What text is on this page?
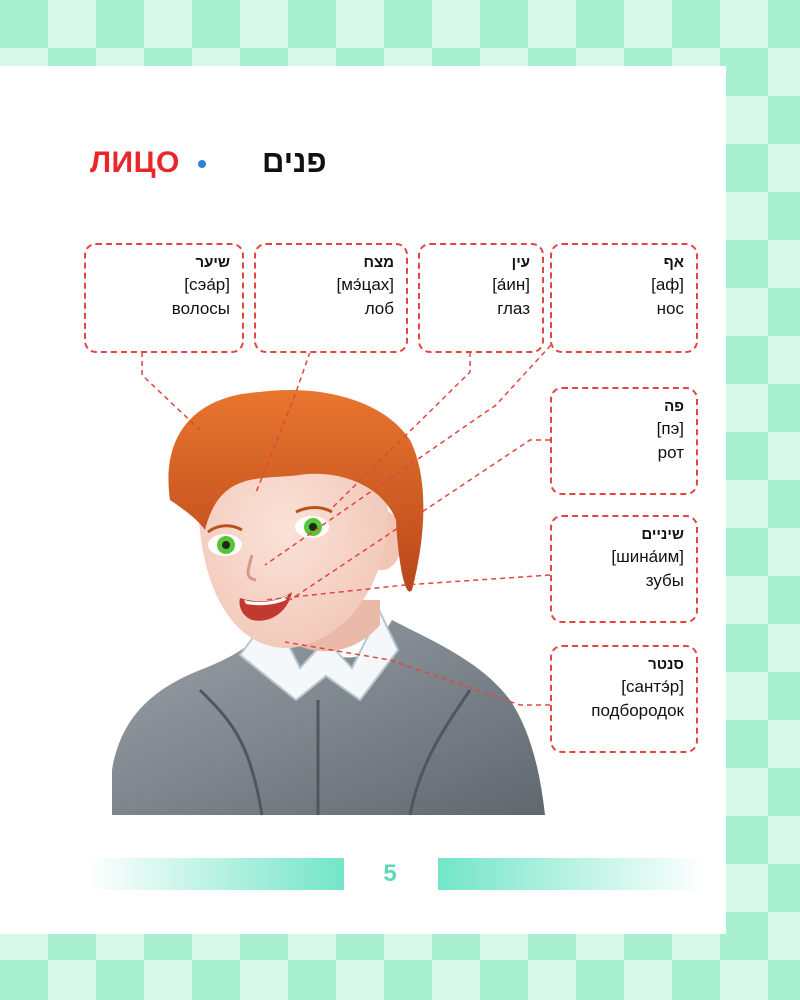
ЛИЦО	פנים
שיער
[сэа́р]
волосы
מצח
[мэ́цах]
лоб
עין
[а́ин]
глаз
אף
[аф]
нос
פה
[пэ]
рот
שיניים
[шина́им]
зубы
סנטר
[сантэ́р]
подбородок
5
